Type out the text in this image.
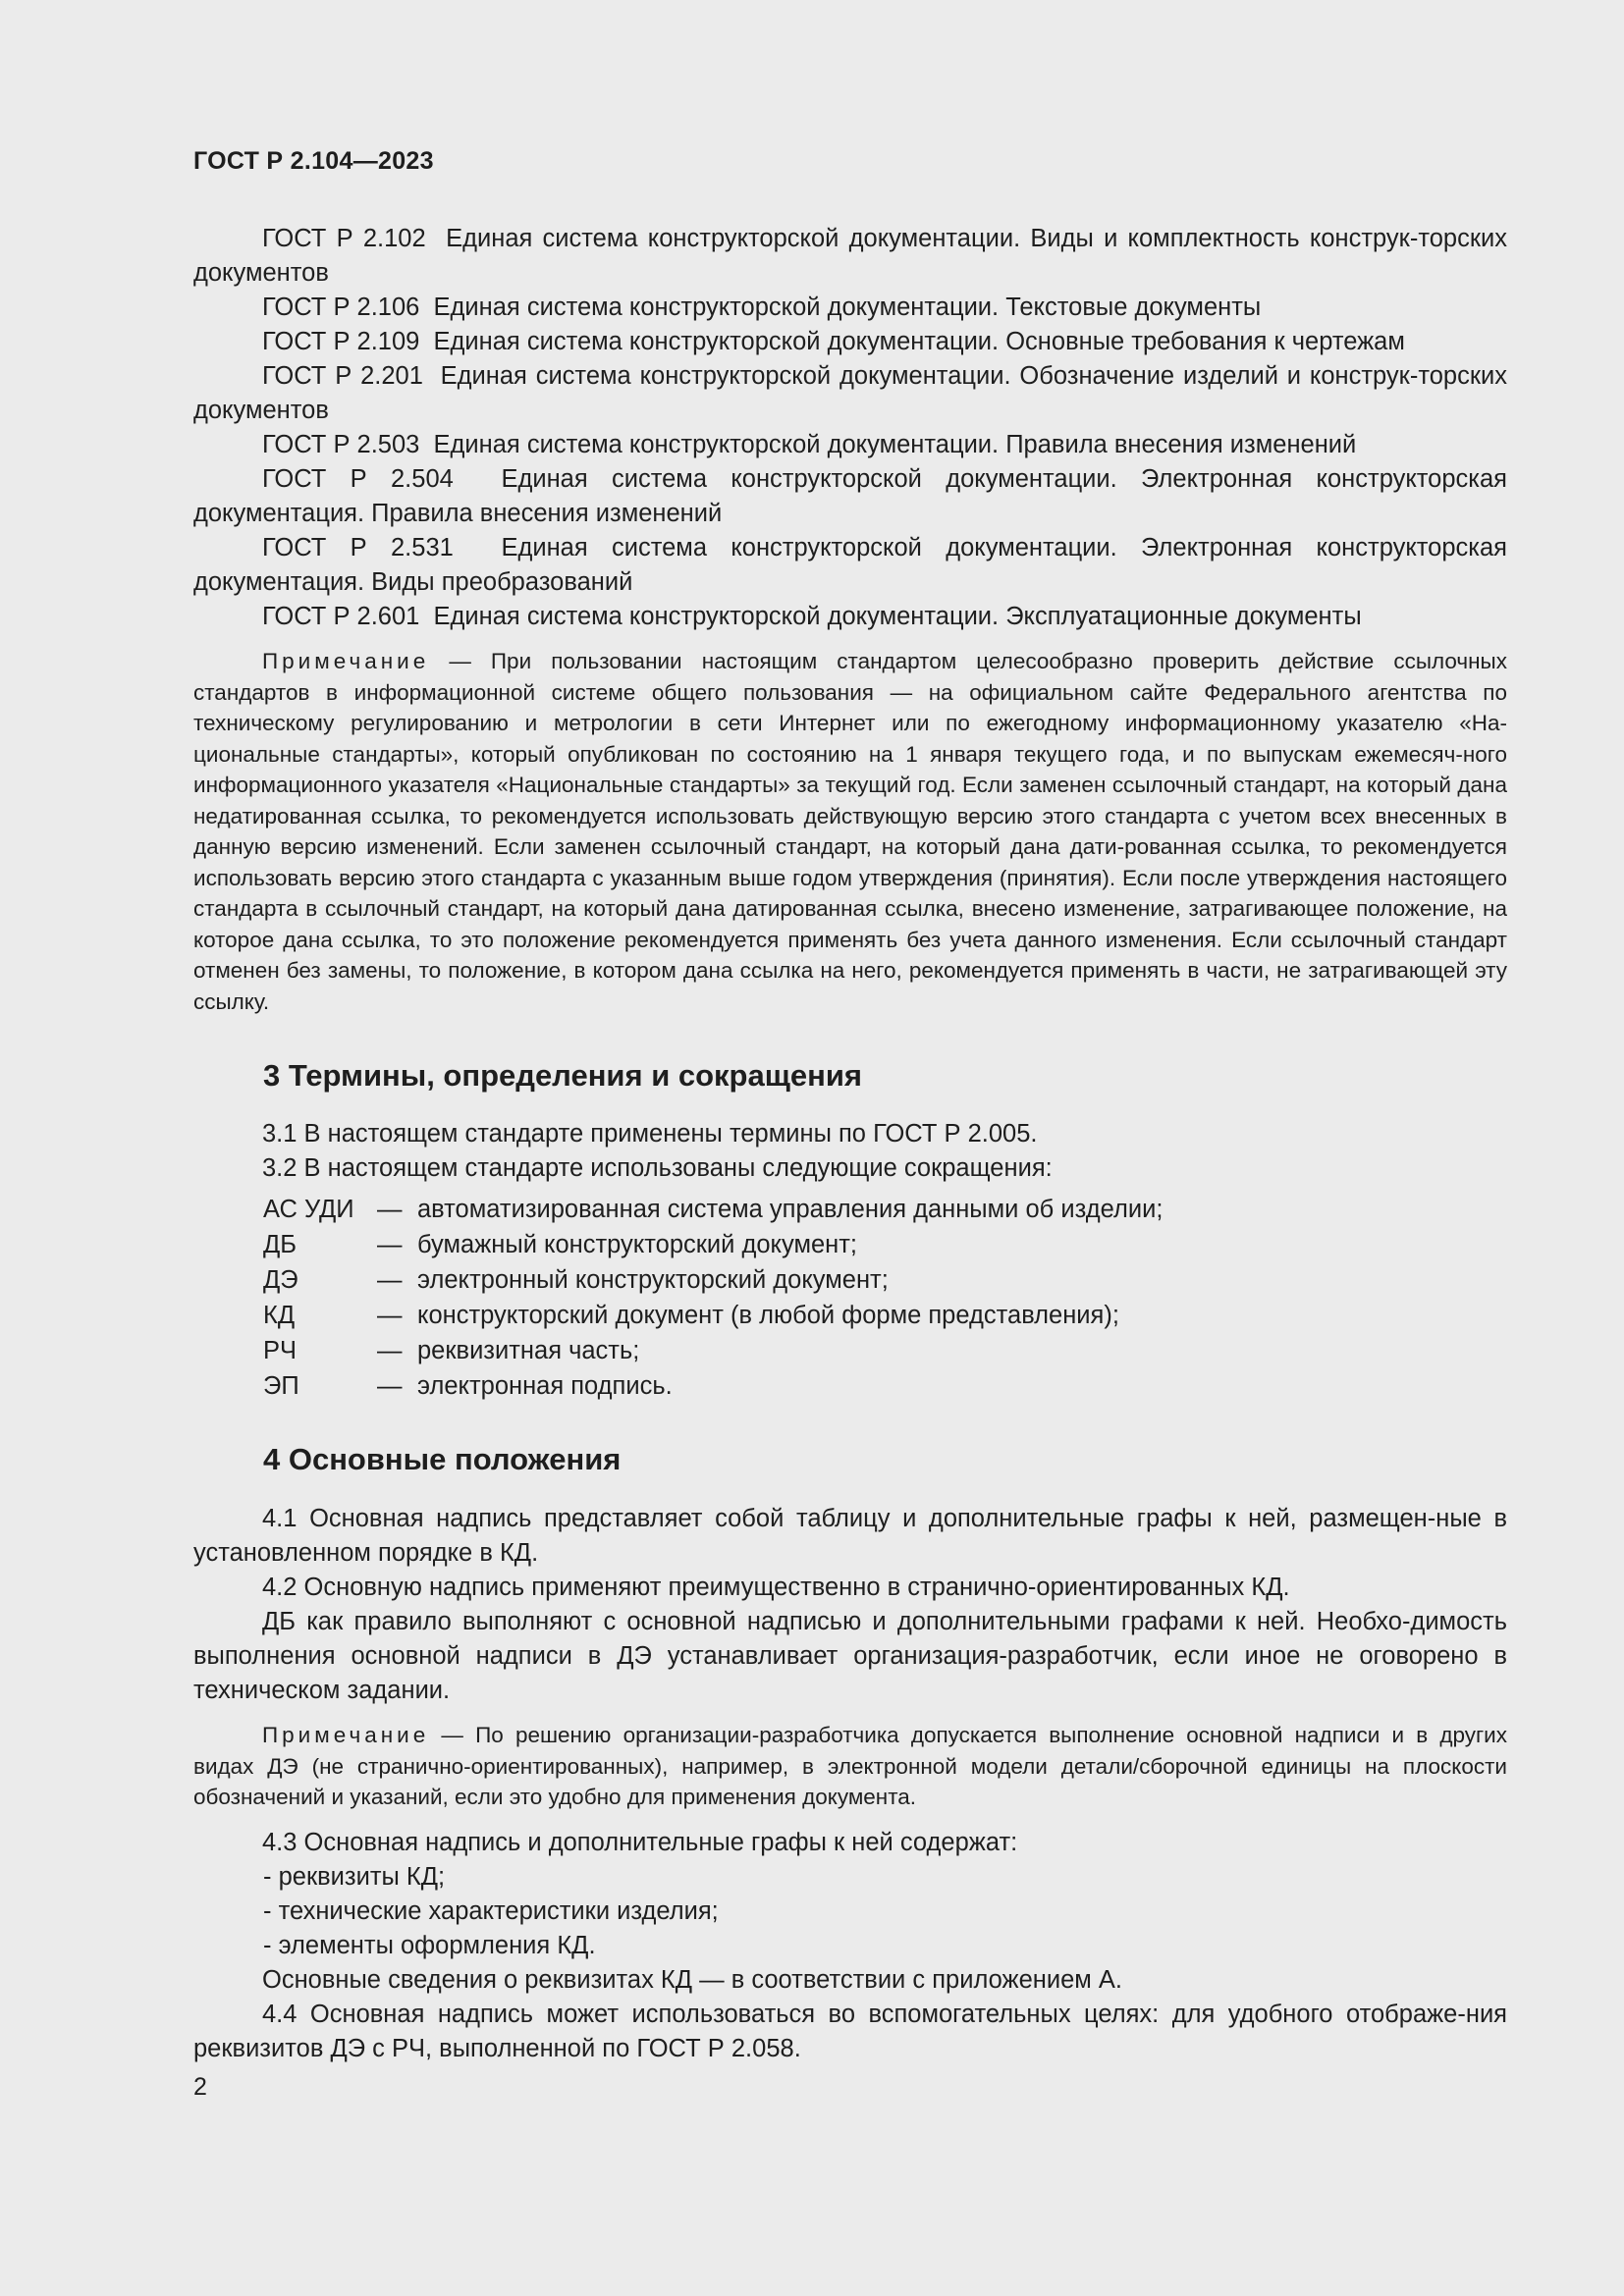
ГОСТ Р 2.104—2023

ГОСТ Р 2.102 Единая система конструкторской документации. Виды и комплектность конструк-торских документов

ГОСТ Р 2.106 Единая система конструкторской документации. Текстовые документы

ГОСТ Р 2.109 Единая система конструкторской документации. Основные требования к чертежам

ГОСТ Р 2.201 Единая система конструкторской документации. Обозначение изделий и конструк-торских документов

ГОСТ Р 2.503 Единая система конструкторской документации. Правила внесения изменений

ГОСТ Р 2.504 Единая система конструкторской документации. Электронная конструкторская документация. Правила внесения изменений

ГОСТ Р 2.531 Единая система конструкторской документации. Электронная конструкторская документация. Виды преобразований

ГОСТ Р 2.601 Единая система конструкторской документации. Эксплуатационные документы

Примечание — При пользовании настоящим стандартом целесообразно проверить действие ссылочных стандартов в информационной системе общего пользования — на официальном сайте Федерального агентства по техническому регулированию и метрологии в сети Интернет или по ежегодному информационному указателю «На-циональные стандарты», который опубликован по состоянию на 1 января текущего года, и по выпускам ежемесяч-ного информационного указателя «Национальные стандарты» за текущий год. Если заменен ссылочный стандарт, на который дана недатированная ссылка, то рекомендуется использовать действующую версию этого стандарта с учетом всех внесенных в данную версию изменений. Если заменен ссылочный стандарт, на который дана дати-рованная ссылка, то рекомендуется использовать версию этого стандарта с указанным выше годом утверждения (принятия). Если после утверждения настоящего стандарта в ссылочный стандарт, на который дана датированная ссылка, внесено изменение, затрагивающее положение, на которое дана ссылка, то это положение рекомендуется применять без учета данного изменения. Если ссылочный стандарт отменен без замены, то положение, в котором дана ссылка на него, рекомендуется применять в части, не затрагивающей эту ссылку.

3 Термины, определения и сокращения

3.1 В настоящем стандарте применены термины по ГОСТ Р 2.005.

3.2 В настоящем стандарте использованы следующие сокращения:

АС УДИ — автоматизированная система управления данными об изделии;
ДБ	— бумажный конструкторский документ;
ДЭ	— электронный конструкторский документ;
КД	— конструкторский документ (в любой форме представления);
РЧ	— реквизитная часть;
ЭП	— электронная подпись.
4 Основные положения

4.1 Основная надпись представляет собой таблицу и дополнительные графы к ней, размещен-ные в установленном порядке в КД.

4.2 Основную надпись применяют преимущественно в странично-ориентированных КД.

ДБ как правило выполняют с основной надписью и дополнительными графами к ней. Необхо-димость выполнения основной надписи в ДЭ устанавливает организация-разработчик, если иное не оговорено в техническом задании.

Примечание — По решению организации-разработчика допускается выполнение основной надписи и в других видах ДЭ (не странично-ориентированных), например, в электронной модели детали/сборочной единицы на плоскости обозначений и указаний, если это удобно для применения документа.

4.3 Основная надпись и дополнительные графы к ней содержат:

- реквизиты КД;
- технические характеристики изделия;
- элементы оформления КД.

Основные сведения о реквизитах КД — в соответствии с приложением А.

4.4 Основная надпись может использоваться во вспомогательных целях: для удобного отображе-ния реквизитов ДЭ с РЧ, выполненной по ГОСТ Р 2.058.

2
